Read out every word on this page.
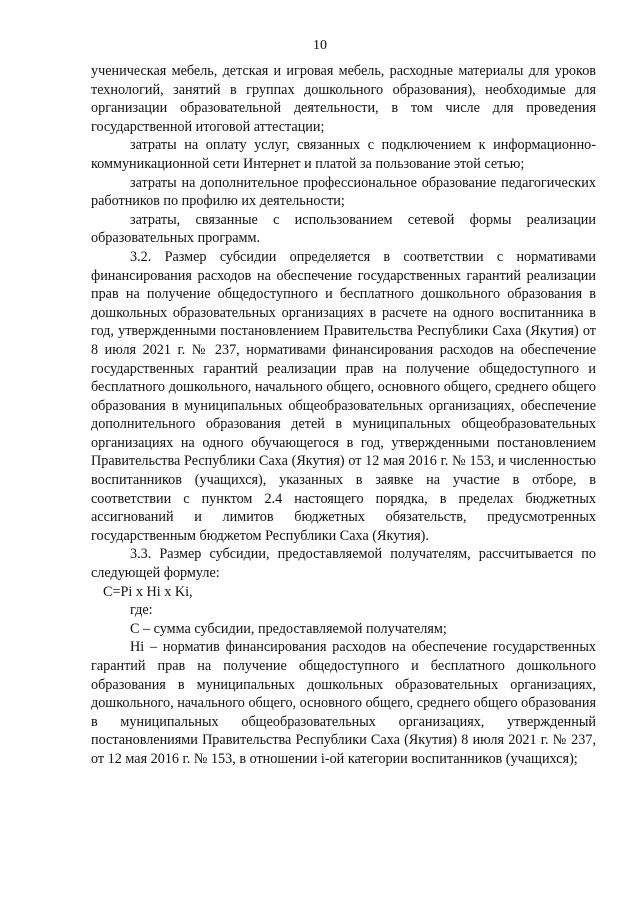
10

ученическая мебель, детская и игровая мебель, расходные материалы для уроков технологий, занятий в группах дошкольного образования), необходимые для организации образовательной деятельности, в том числе для проведения государственной итоговой аттестации;

затраты на оплату услуг, связанных с подключением к информационно-коммуникационной сети Интернет и платой за пользование этой сетью;

затраты на дополнительное профессиональное образование педагогических работников по профилю их деятельности;

затраты, связанные с использованием сетевой формы реализации образовательных программ.

3.2. Размер субсидии определяется в соответствии с нормативами финансирования расходов на обеспечение государственных гарантий реализации прав на получение общедоступного и бесплатного дошкольного образования в дошкольных образовательных организациях в расчете на одного воспитанника в год, утвержденными постановлением Правительства Республики Саха (Якутия) от 8 июля 2021 г. № 237, нормативами финансирования расходов на обеспечение государственных гарантий реализации прав на получение общедоступного и бесплатного дошкольного, начального общего, основного общего, среднего общего образования в муниципальных общеобразовательных организациях, обеспечение дополнительного образования детей в муниципальных общеобразовательных организациях на одного обучающегося в год, утвержденными постановлением Правительства Республики Саха (Якутия) от 12 мая 2016 г. № 153, и численностью воспитанников (учащихся), указанных в заявке на участие в отборе, в соответствии с пунктом 2.4 настоящего порядка, в пределах бюджетных ассигнований и лимитов бюджетных обязательств, предусмотренных государственным бюджетом Республики Саха (Якутия).

3.3. Размер субсидии, предоставляемой получателям, рассчитывается по следующей формуле:

C=Pi x Hi x Ki,

где:

C – сумма субсидии, предоставляемой получателям;

Hi – норматив финансирования расходов на обеспечение государственных гарантий прав на получение общедоступного и бесплатного дошкольного образования в муниципальных дошкольных образовательных организациях, дошкольного, начального общего, основного общего, среднего общего образования в муниципальных общеобразовательных организациях, утвержденный постановлениями Правительства Республики Саха (Якутия) 8 июля 2021 г. № 237, от 12 мая 2016 г. № 153, в отношении i-ой категории воспитанников (учащихся);
